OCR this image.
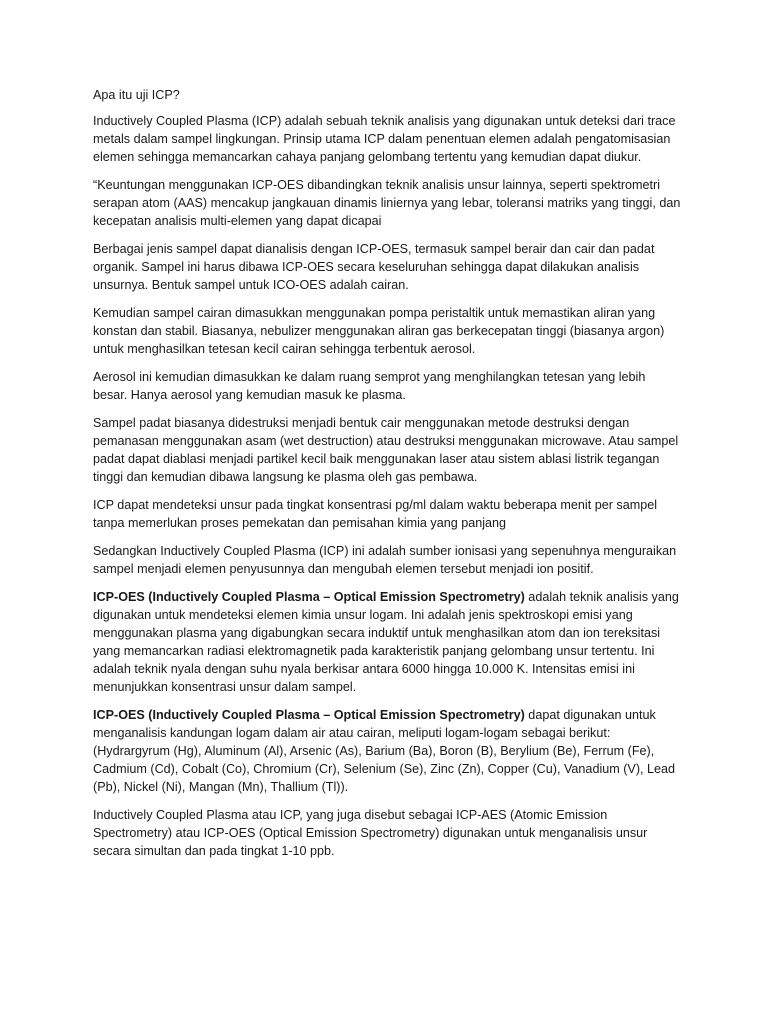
Apa itu uji ICP?

Inductively Coupled Plasma (ICP) adalah sebuah teknik analisis yang digunakan untuk deteksi dari trace metals dalam sampel lingkungan. Prinsip utama ICP dalam penentuan elemen adalah pengatomisasian elemen sehingga memancarkan cahaya panjang gelombang tertentu yang kemudian dapat diukur.

“Keuntungan menggunakan ICP-OES dibandingkan teknik analisis unsur lainnya, seperti spektrometri serapan atom (AAS) mencakup jangkauan dinamis liniernya yang lebar, toleransi matriks yang tinggi, dan kecepatan analisis multi-elemen yang dapat dicapai

Berbagai jenis sampel dapat dianalisis dengan ICP-OES, termasuk sampel berair dan cair dan padat organik. Sampel ini harus dibawa ICP-OES secara keseluruhan sehingga dapat dilakukan analisis unsurnya. Bentuk sampel untuk ICO-OES adalah cairan.

Kemudian sampel cairan dimasukkan menggunakan pompa peristaltik untuk memastikan aliran yang konstan dan stabil. Biasanya, nebulizer menggunakan aliran gas berkecepatan tinggi (biasanya argon) untuk menghasilkan tetesan kecil cairan sehingga terbentuk aerosol.

Aerosol ini kemudian dimasukkan ke dalam ruang semprot yang menghilangkan tetesan yang lebih besar. Hanya aerosol yang kemudian masuk ke plasma.

Sampel padat biasanya didestruksi menjadi bentuk cair menggunakan metode destruksi dengan pemanasan menggunakan asam (wet destruction) atau destruksi menggunakan microwave. Atau sampel padat dapat diablasi menjadi partikel kecil baik menggunakan laser atau sistem ablasi listrik tegangan tinggi dan kemudian dibawa langsung ke plasma oleh gas pembawa.

ICP dapat mendeteksi unsur pada tingkat konsentrasi pg/ml dalam waktu beberapa menit per sampel tanpa memerlukan proses pemekatan dan pemisahan kimia yang panjang

Sedangkan Inductively Coupled Plasma (ICP) ini adalah sumber ionisasi yang sepenuhnya menguraikan sampel menjadi elemen penyusunnya dan mengubah elemen tersebut menjadi ion positif.

ICP-OES (Inductively Coupled Plasma – Optical Emission Spectrometry) adalah teknik analisis yang digunakan untuk mendeteksi elemen kimia unsur logam. Ini adalah jenis spektroskopi emisi yang menggunakan plasma yang digabungkan secara induktif untuk menghasilkan atom dan ion tereksitasi yang memancarkan radiasi elektromagnetik pada karakteristik panjang gelombang unsur tertentu. Ini adalah teknik nyala dengan suhu nyala berkisar antara 6000 hingga 10.000 K. Intensitas emisi ini menunjukkan konsentrasi unsur dalam sampel.

ICP-OES (Inductively Coupled Plasma – Optical Emission Spectrometry) dapat digunakan untuk menganalisis kandungan logam dalam air atau cairan, meliputi logam-logam sebagai berikut: (Hydrargyrum (Hg), Aluminum (Al), Arsenic (As), Barium (Ba), Boron (B), Berylium (Be), Ferrum (Fe), Cadmium (Cd), Cobalt (Co), Chromium (Cr), Selenium (Se), Zinc (Zn), Copper (Cu), Vanadium (V), Lead (Pb), Nickel (Ni), Mangan (Mn), Thallium (Tl)).

Inductively Coupled Plasma atau ICP, yang juga disebut sebagai ICP-AES (Atomic Emission Spectrometry) atau ICP-OES (Optical Emission Spectrometry) digunakan untuk menganalisis unsur secara simultan dan pada tingkat 1-10 ppb.
